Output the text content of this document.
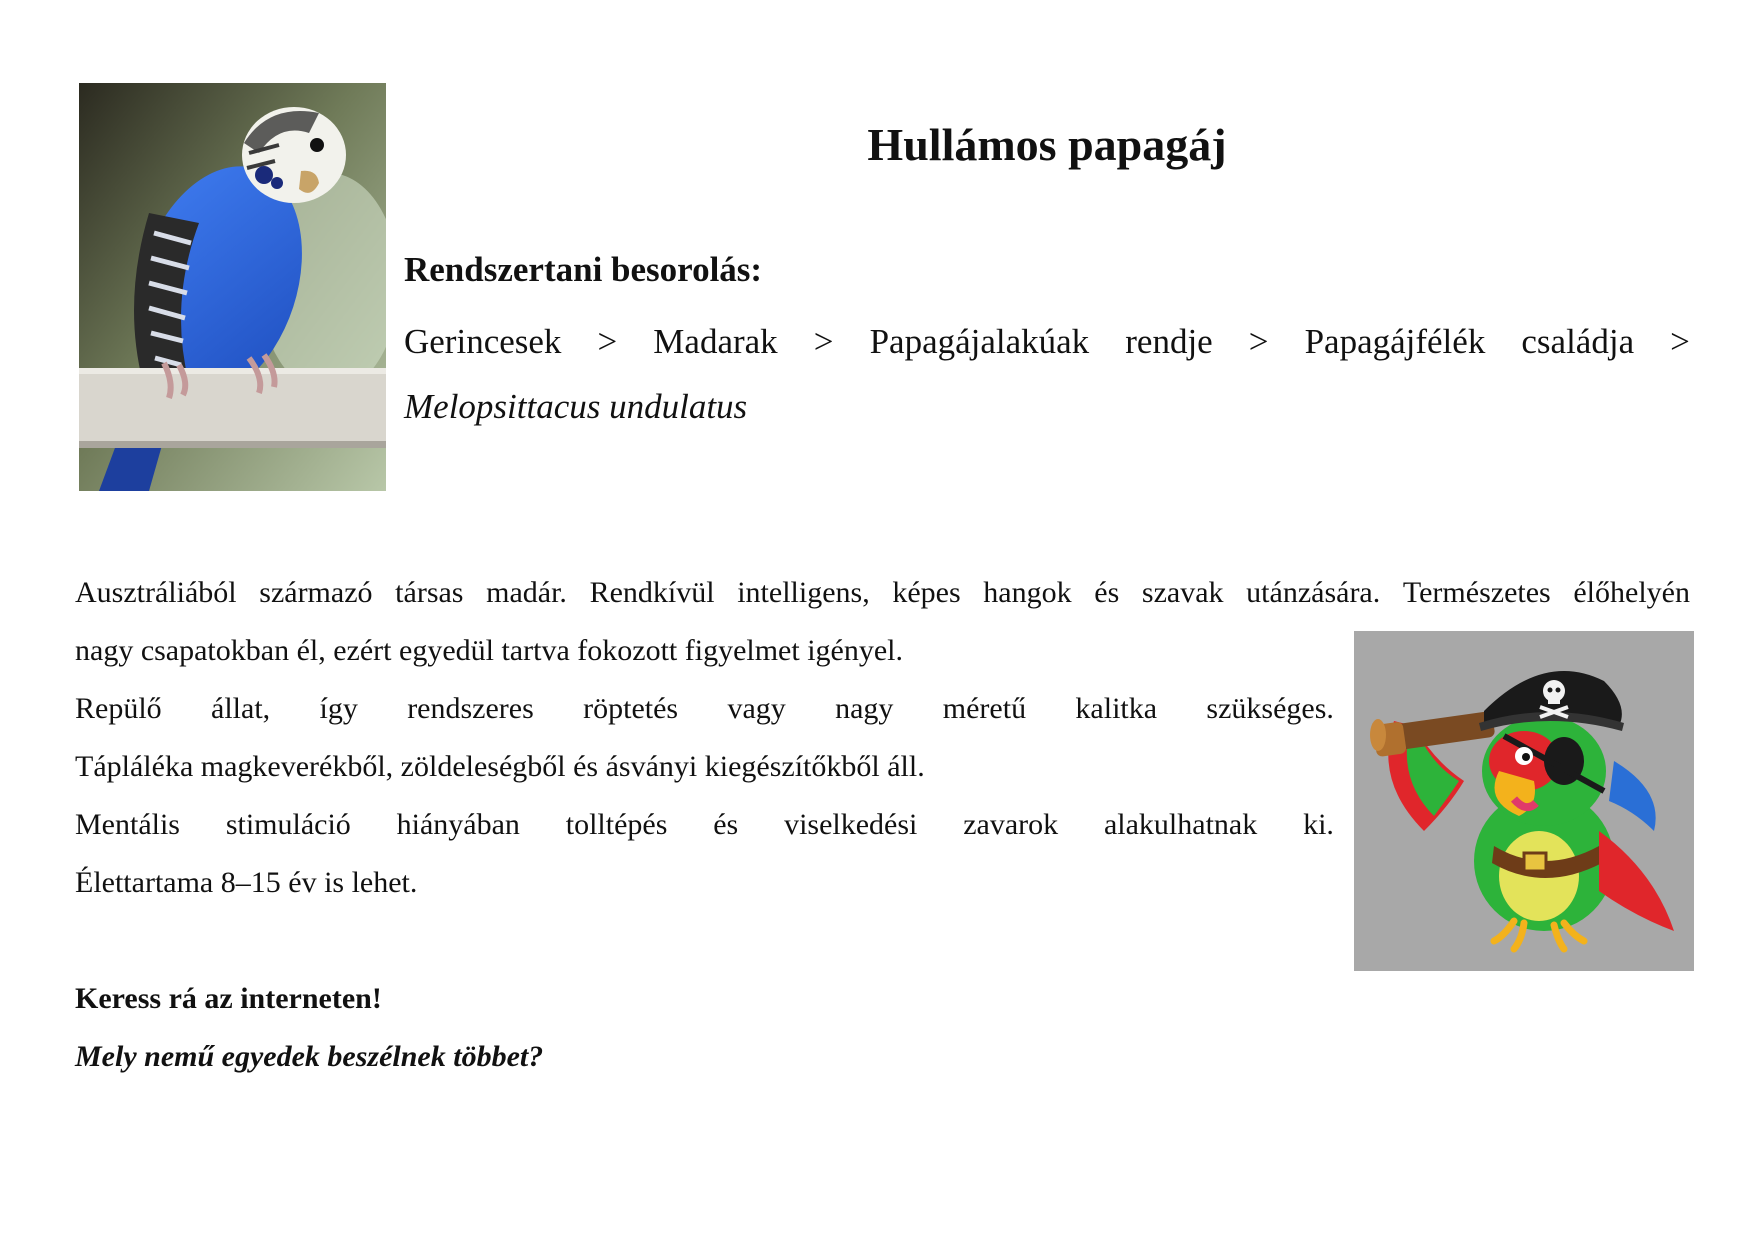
Hullámos papagáj

Rendszertani besorolás:

Gerincesek > Madarak > Papagájalakúak rendje > Papagájfélék családja >
Melopsittacus undulatus
Ausztráliából származó társas madár. Rendkívül intelligens, képes hangok és szavak utánzására. Természetes élőhelyén
nagy csapatokban él, ezért egyedül tartva fokozott figyelmet igényel.
Repülő állat, így rendszeres röptetés vagy nagy méretű kalitka szükséges.
Tápláléka magkeverékből, zöldeleségből és ásványi kiegészítőkből áll.
Mentális stimuláció hiányában tolltépés és viselkedési zavarok alakulhatnak ki.
Élettartama 8–15 év is lehet.

Keress rá az interneten!

Mely nemű egyedek beszélnek többet?
